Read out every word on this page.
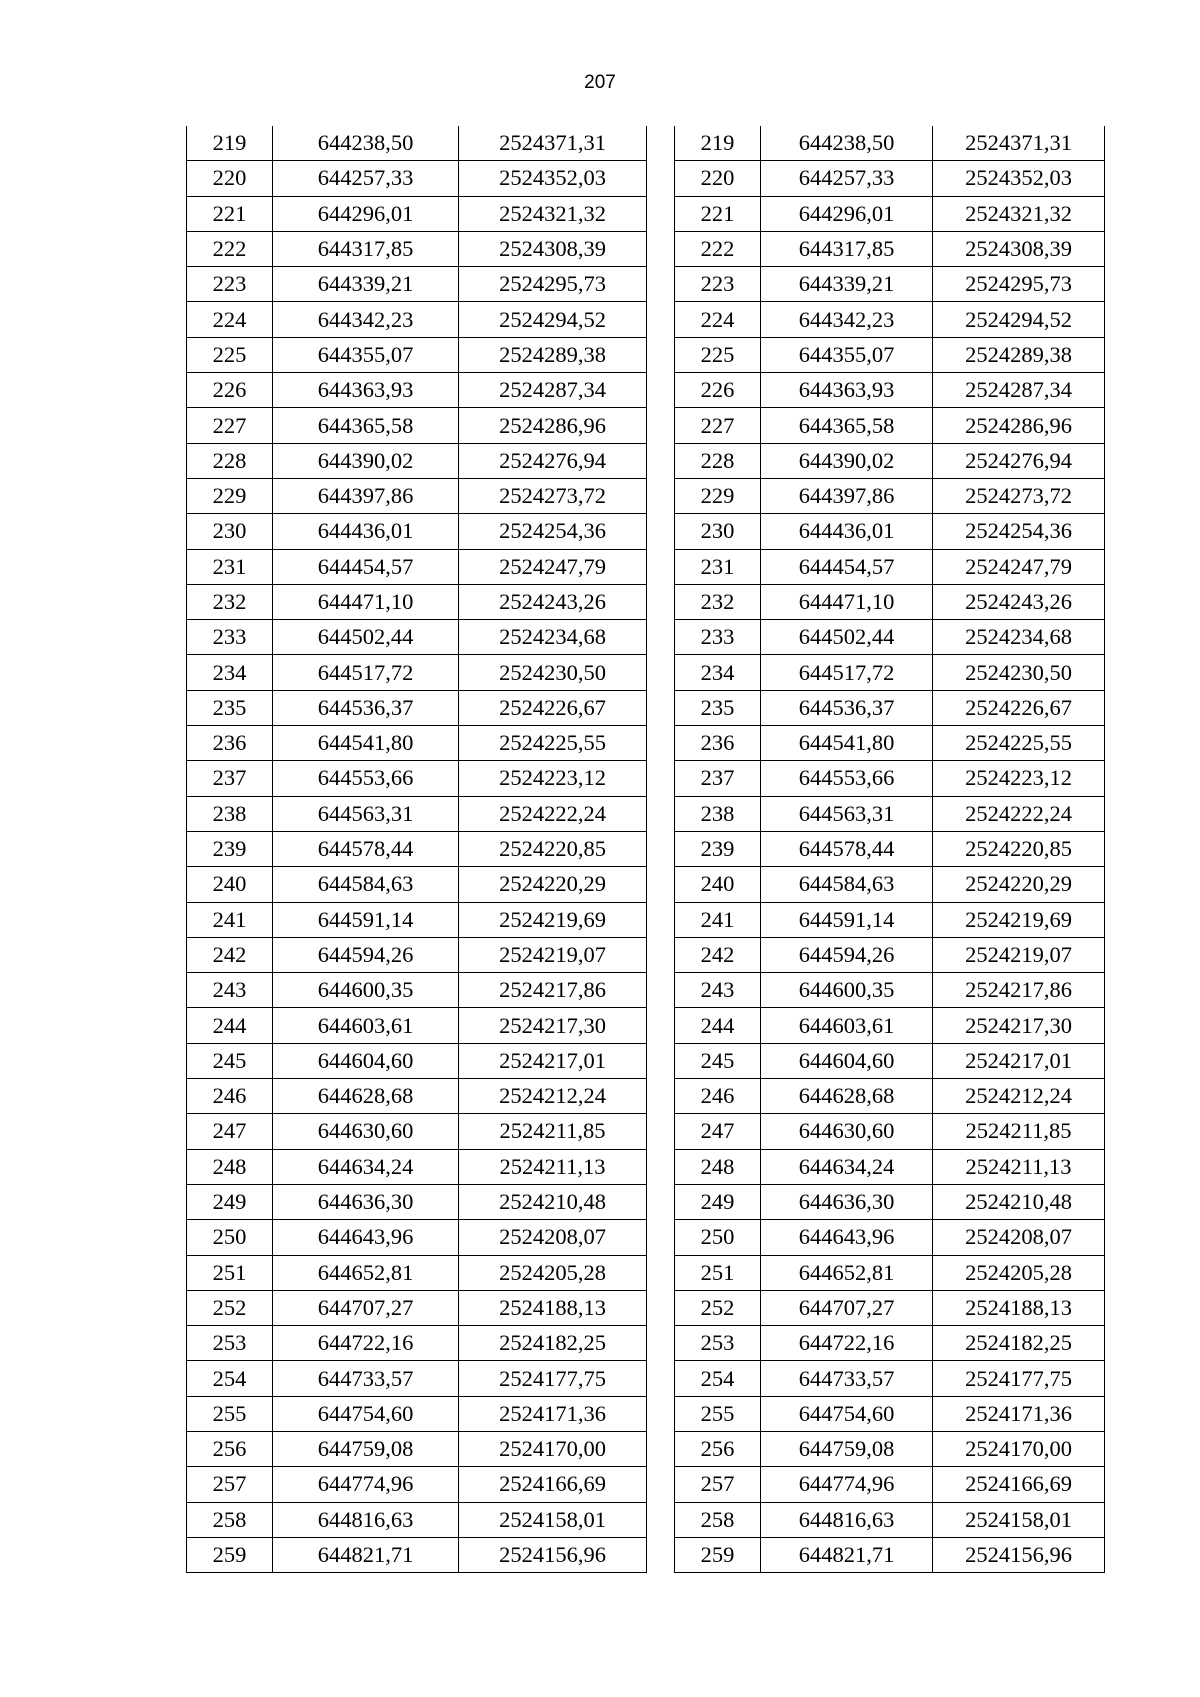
207
219	644238,50	2524371,31
220	644257,33	2524352,03
221	644296,01	2524321,32
222	644317,85	2524308,39
223	644339,21	2524295,73
224	644342,23	2524294,52
225	644355,07	2524289,38
226	644363,93	2524287,34
227	644365,58	2524286,96
228	644390,02	2524276,94
229	644397,86	2524273,72
230	644436,01	2524254,36
231	644454,57	2524247,79
232	644471,10	2524243,26
233	644502,44	2524234,68
234	644517,72	2524230,50
235	644536,37	2524226,67
236	644541,80	2524225,55
237	644553,66	2524223,12
238	644563,31	2524222,24
239	644578,44	2524220,85
240	644584,63	2524220,29
241	644591,14	2524219,69
242	644594,26	2524219,07
243	644600,35	2524217,86
244	644603,61	2524217,30
245	644604,60	2524217,01
246	644628,68	2524212,24
247	644630,60	2524211,85
248	644634,24	2524211,13
249	644636,30	2524210,48
250	644643,96	2524208,07
251	644652,81	2524205,28
252	644707,27	2524188,13
253	644722,16	2524182,25
254	644733,57	2524177,75
255	644754,60	2524171,36
256	644759,08	2524170,00
257	644774,96	2524166,69
258	644816,63	2524158,01
259	644821,71	2524156,96
219	644238,50	2524371,31
220	644257,33	2524352,03
221	644296,01	2524321,32
222	644317,85	2524308,39
223	644339,21	2524295,73
224	644342,23	2524294,52
225	644355,07	2524289,38
226	644363,93	2524287,34
227	644365,58	2524286,96
228	644390,02	2524276,94
229	644397,86	2524273,72
230	644436,01	2524254,36
231	644454,57	2524247,79
232	644471,10	2524243,26
233	644502,44	2524234,68
234	644517,72	2524230,50
235	644536,37	2524226,67
236	644541,80	2524225,55
237	644553,66	2524223,12
238	644563,31	2524222,24
239	644578,44	2524220,85
240	644584,63	2524220,29
241	644591,14	2524219,69
242	644594,26	2524219,07
243	644600,35	2524217,86
244	644603,61	2524217,30
245	644604,60	2524217,01
246	644628,68	2524212,24
247	644630,60	2524211,85
248	644634,24	2524211,13
249	644636,30	2524210,48
250	644643,96	2524208,07
251	644652,81	2524205,28
252	644707,27	2524188,13
253	644722,16	2524182,25
254	644733,57	2524177,75
255	644754,60	2524171,36
256	644759,08	2524170,00
257	644774,96	2524166,69
258	644816,63	2524158,01
259	644821,71	2524156,96
